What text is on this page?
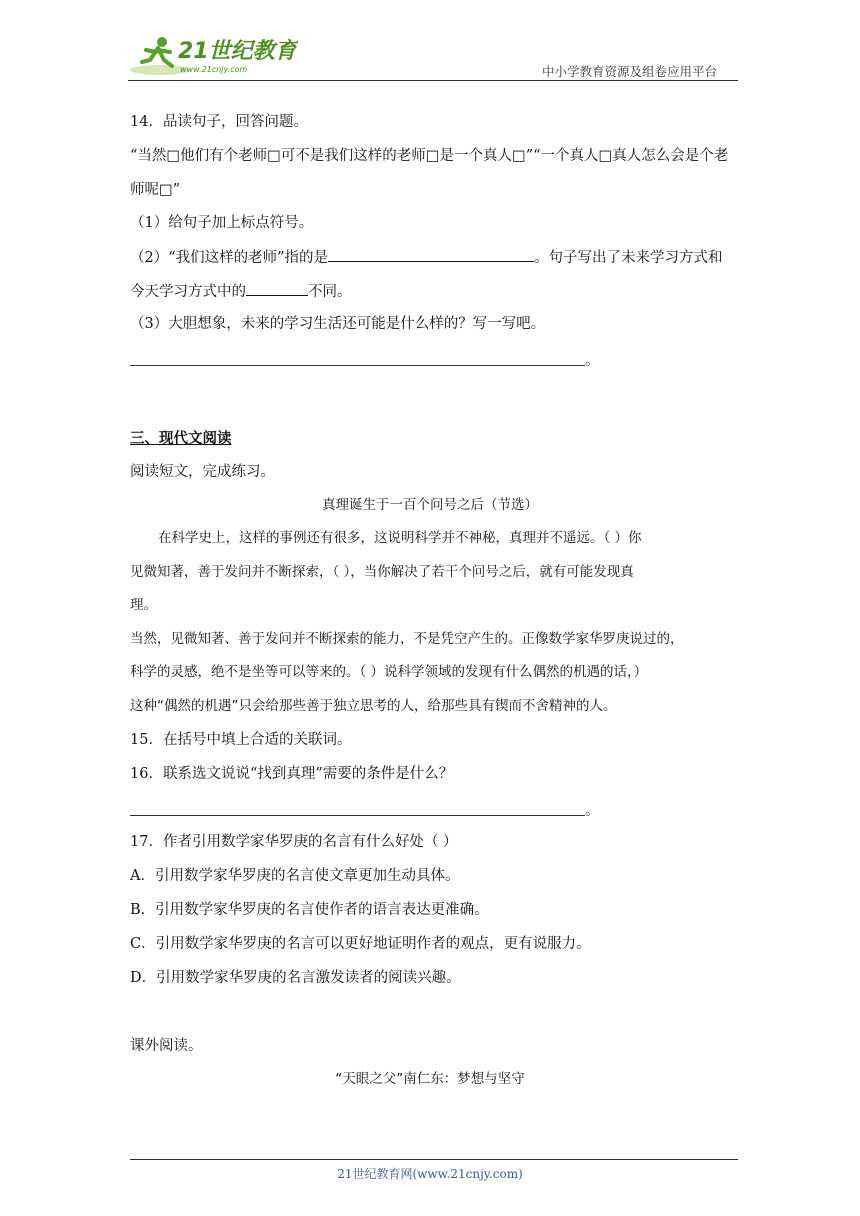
21世纪教育
www.21cnjy.com	中小学教育资源及组卷应用平台
14．品读句子，回答问题。
“当然□他们有个老师□可不是我们这样的老师□是一个真人□”“一个真人□真人怎么会是个老
师呢□”
（1）给句子加上标点符号。
（2）“我们这样的老师”指的是	。句子写出了未来学习方式和
今天学习方式中的	不同。
（3）大胆想象，未来的学习生活还可能是什么样的？写一写吧。
。
三、现代文阅读
阅读短文，完成练习。
真理诞生于一百个问号之后（节选）
在科学史上，这样的事例还有很多，这说明科学并不神秘，真理并不遥远。（ ）你
见微知著，善于发问并不断探索，（ ），当你解决了若干个问号之后，就有可能发现真
理。
当然，见微知著、善于发问并不断探索的能力，不是凭空产生的。正像数学家华罗庚说过的，
科学的灵感，绝不是坐等可以等来的。（ ）说科学领域的发现有什么偶然的机遇的话，）
这种“偶然的机遇”只会给那些善于独立思考的人，给那些具有锲而不舍精神的人。
15．在括号中填上合适的关联词。
16．联系选文说说“找到真理”需要的条件是什么？
。
17．作者引用数学家华罗庚的名言有什么好处（ ）
A．引用数学家华罗庚的名言使文章更加生动具体。
B．引用数学家华罗庚的名言使作者的语言表达更准确。
C．引用数学家华罗庚的名言可以更好地证明作者的观点，更有说服力。
D．引用数学家华罗庚的名言激发读者的阅读兴趣。
课外阅读。
“天眼之父”南仁东：梦想与坚守
21世纪教育网(www.21cnjy.com)
